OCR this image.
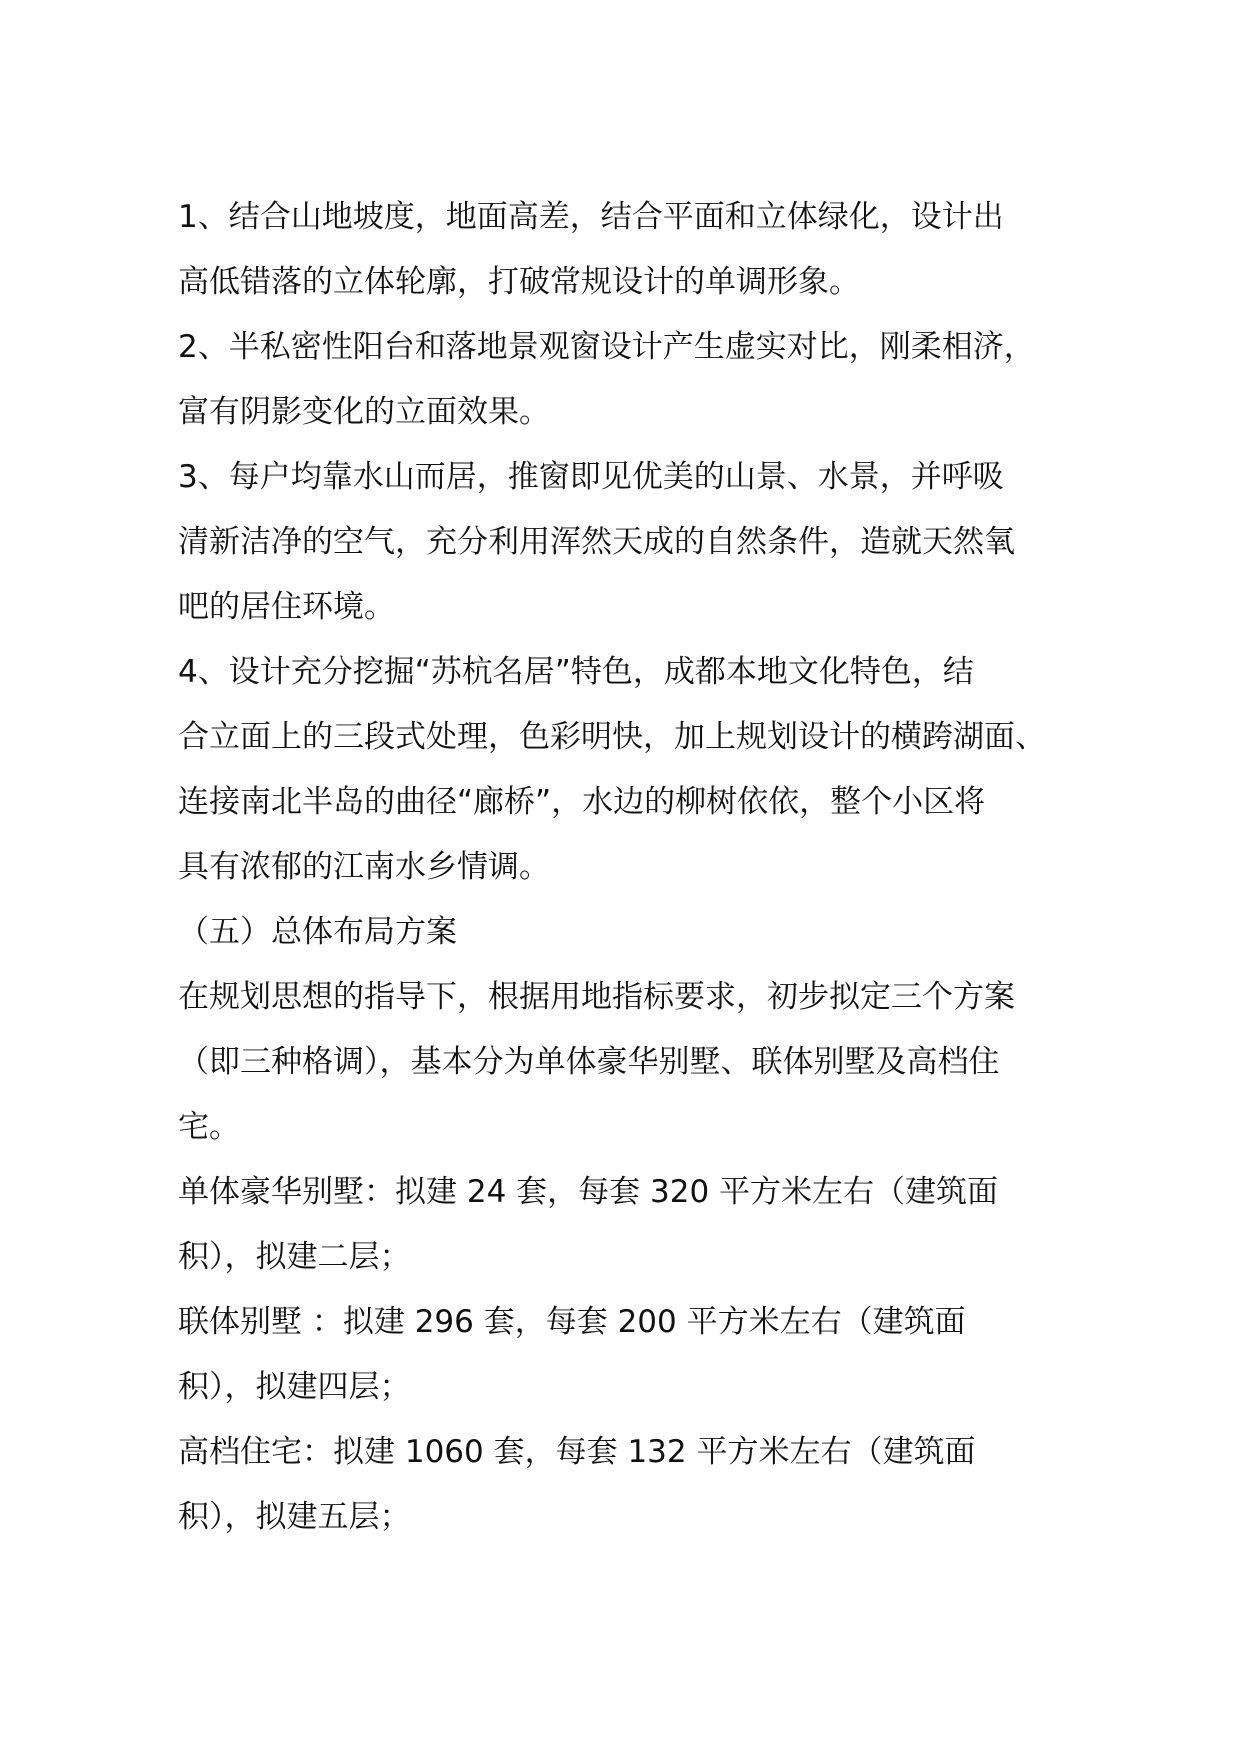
1、结合山地坡度，地面高差，结合平面和立体绿化，设计出
高低错落的立体轮廓，打破常规设计的单调形象。
2、半私密性阳台和落地景观窗设计产生虚实对比，刚柔相济，
富有阴影变化的立面效果。
3、每户均靠水山而居，推窗即见优美的山景、水景，并呼吸
清新洁净的空气，充分利用浑然天成的自然条件，造就天然氧
吧的居住环境。
4、设计充分挖掘“苏杭名居”特色，成都本地文化特色，结
合立面上的三段式处理，色彩明快，加上规划设计的横跨湖面、
连接南北半岛的曲径“廊桥”，水边的柳树依依，整个小区将
具有浓郁的江南水乡情调。
（五）总体布局方案
在规划思想的指导下，根据用地指标要求，初步拟定三个方案
（即三种格调），基本分为单体豪华别墅、联体别墅及高档住
宅。
单体豪华别墅：拟建 24 套，每套 320 平方米左右（建筑面
积），拟建二层；
联体别墅 ：拟建 296 套，每套 200 平方米左右（建筑面
积），拟建四层；
高档住宅：拟建 1060 套，每套 132 平方米左右（建筑面
积），拟建五层；
